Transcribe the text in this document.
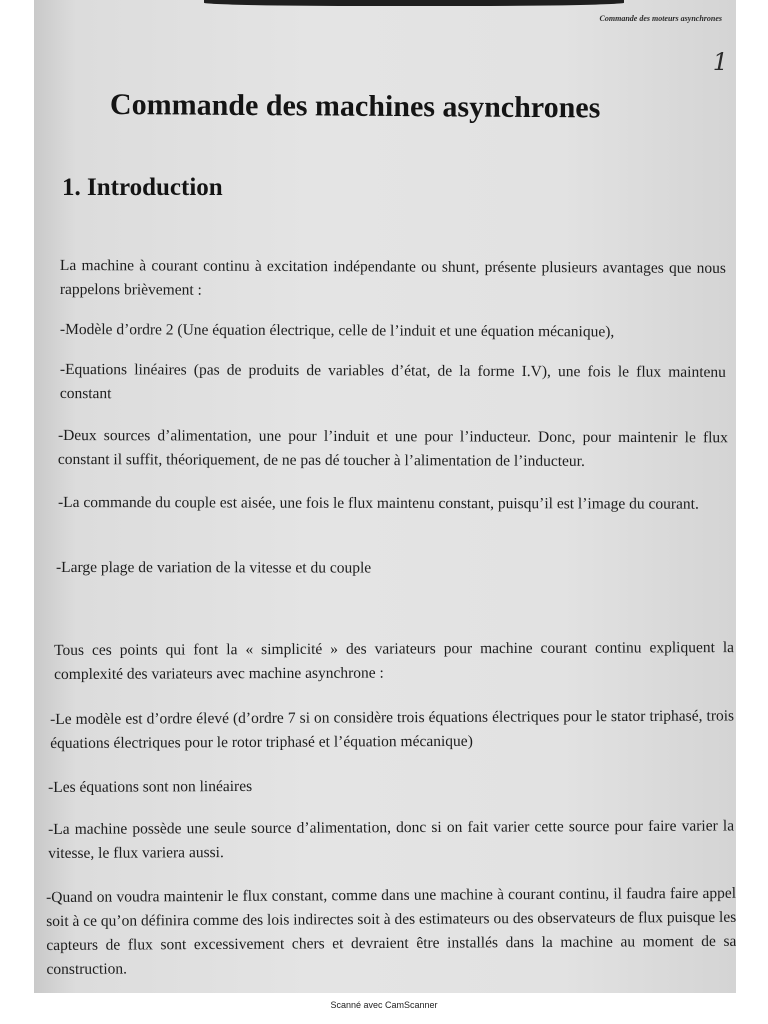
Commande des moteurs asynchrones
1
Commande des machines asynchrones
1. Introduction

La machine à courant continu à excitation indépendante ou shunt, présente plusieurs avantages que nous rappelons brièvement :

-Modèle d’ordre 2 (Une équation électrique, celle de l’induit et une équation mécanique),

-Equations linéaires (pas de produits de variables d’état, de la forme I.V), une fois le flux maintenu constant

-Deux sources d’alimentation, une pour l’induit et une pour l’inducteur. Donc, pour maintenir le flux constant il suffit, théoriquement, de ne pas dé toucher à l’alimentation de l’inducteur.

-La commande du couple est aisée, une fois le flux maintenu constant, puisqu’il est l’image du courant.

-Large plage de variation de la vitesse et du couple

Tous ces points qui font la « simplicité » des variateurs pour machine courant continu expliquent la complexité des variateurs avec machine asynchrone :

-Le modèle est d’ordre élevé (d’ordre 7 si on considère trois équations électriques pour le stator triphasé, trois équations électriques pour le rotor triphasé et l’équation mécanique)

-Les équations sont non linéaires

-La machine possède une seule source d’alimentation, donc si on fait varier cette source pour faire varier la vitesse, le flux variera aussi.

-Quand on voudra maintenir le flux constant, comme dans une machine à courant continu, il faudra faire appel soit à ce qu’on définira comme des lois indirectes soit à des estimateurs ou des observateurs de flux puisque les capteurs de flux sont excessivement chers et devraient être installés dans la machine au moment de sa construction.

Scanné avec CamScanner
